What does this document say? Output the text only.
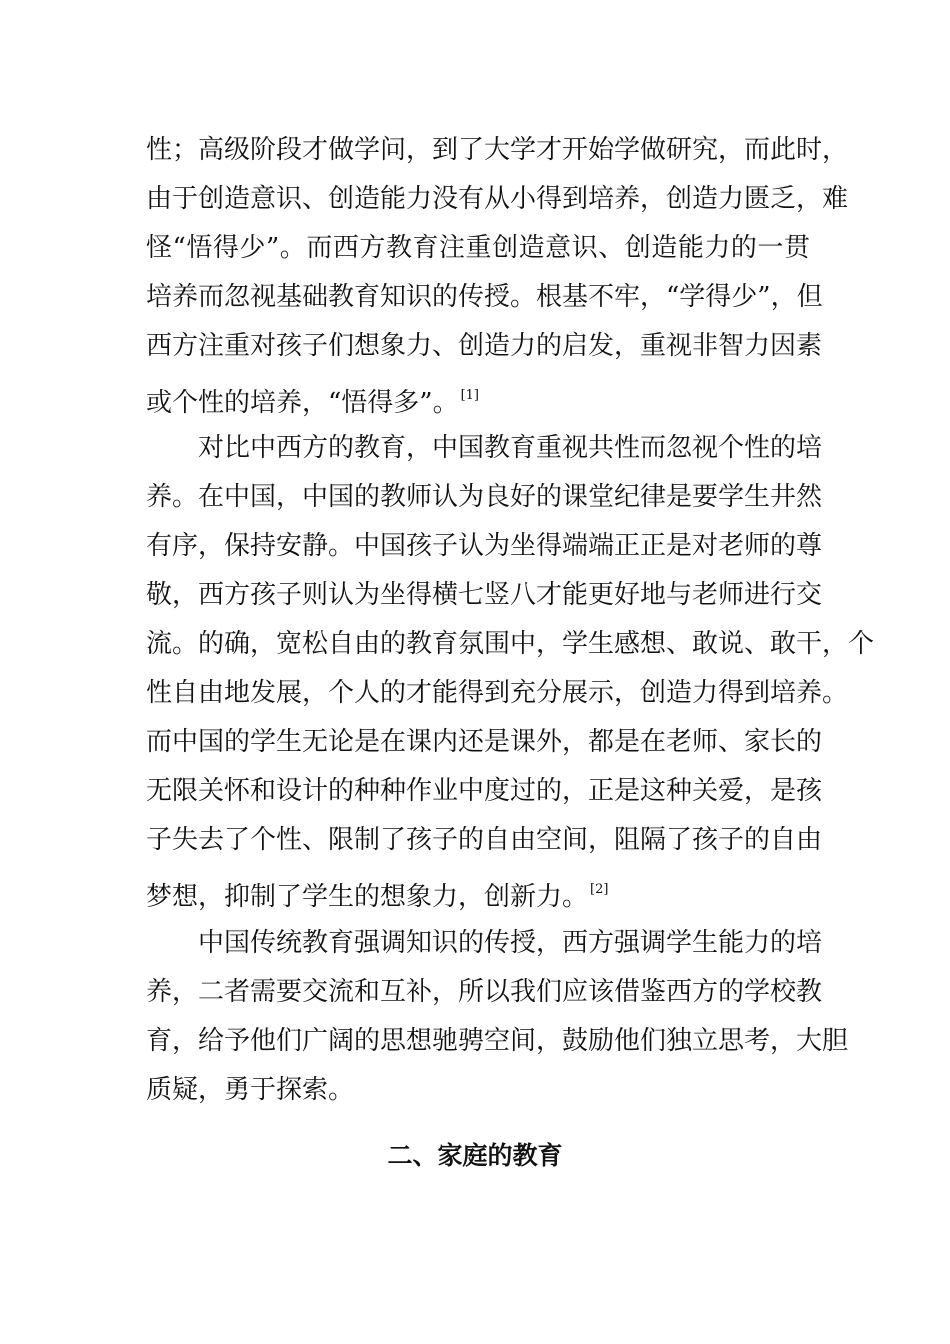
性；高级阶段才做学问，到了大学才开始学做研究，而此时，
由于创造意识、创造能力没有从小得到培养，创造力匮乏，难
怪“悟得少”。而西方教育注重创造意识、创造能力的一贯
培养而忽视基础教育知识的传授。根基不牢，“学得少”，但
西方注重对孩子们想象力、创造力的启发，重视非智力因素
或个性的培养，“悟得多”。 [1]
对比中西方的教育，中国教育重视共性而忽视个性的培
养。在中国，中国的教师认为良好的课堂纪律是要学生井然
有序，保持安静。中国孩子认为坐得端端正正是对老师的尊
敬，西方孩子则认为坐得横七竖八才能更好地与老师进行交
流。的确，宽松自由的教育氛围中，学生感想、敢说、敢干，个
性自由地发展，个人的才能得到充分展示，创造力得到培养。
而中国的学生无论是在课内还是课外，都是在老师、家长的
无限关怀和设计的种种作业中度过的，正是这种关爱，是孩
子失去了个性、限制了孩子的自由空间，阻隔了孩子的自由
梦想，抑制了学生的想象力，创新力。 [2]
中国传统教育强调知识的传授，西方强调学生能力的培
养，二者需要交流和互补，所以我们应该借鉴西方的学校教
育，给予他们广阔的思想驰骋空间，鼓励他们独立思考，大胆
质疑，勇于探索。
二、家庭的教育
